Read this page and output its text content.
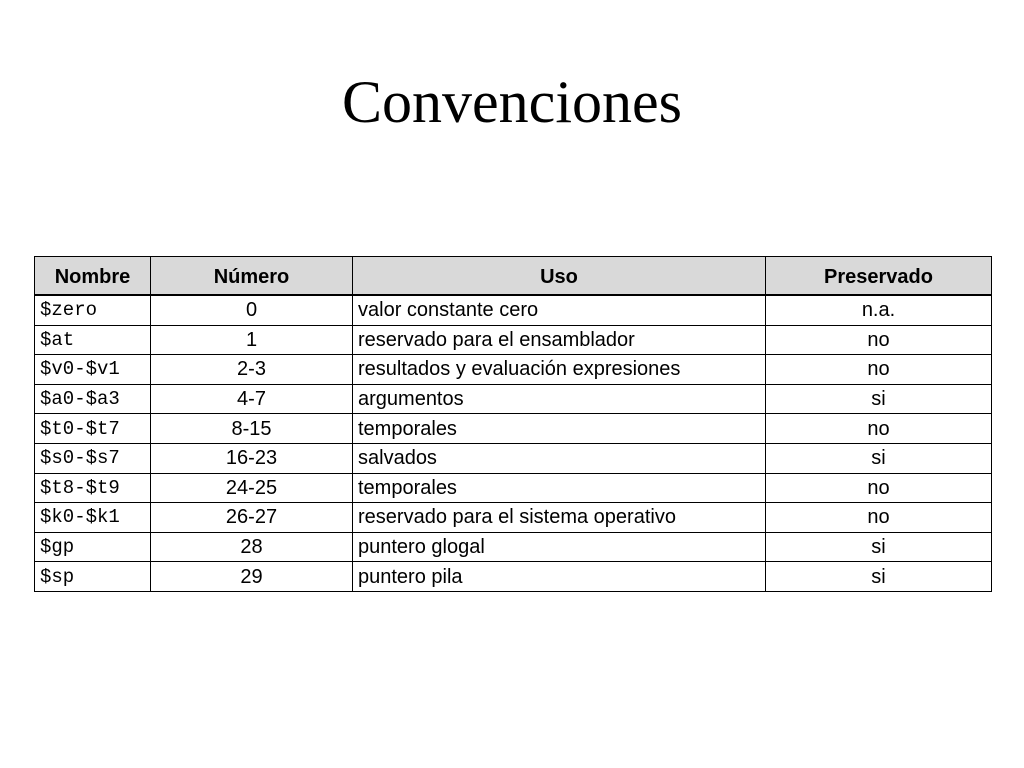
Convenciones
Nombre	Número	Uso	Preservado
$zero	0	valor constante cero	n.a.
$at	1	reservado para el ensamblador	no
$v0-$v1	2-3	resultados y evaluación expresiones	no
$a0-$a3	4-7	argumentos	si
$t0-$t7	8-15	temporales	no
$s0-$s7	16-23	salvados	si
$t8-$t9	24-25	temporales	no
$k0-$k1	26-27	reservado para el sistema operativo	no
$gp	28	puntero glogal	si
$sp	29	puntero pila	si
